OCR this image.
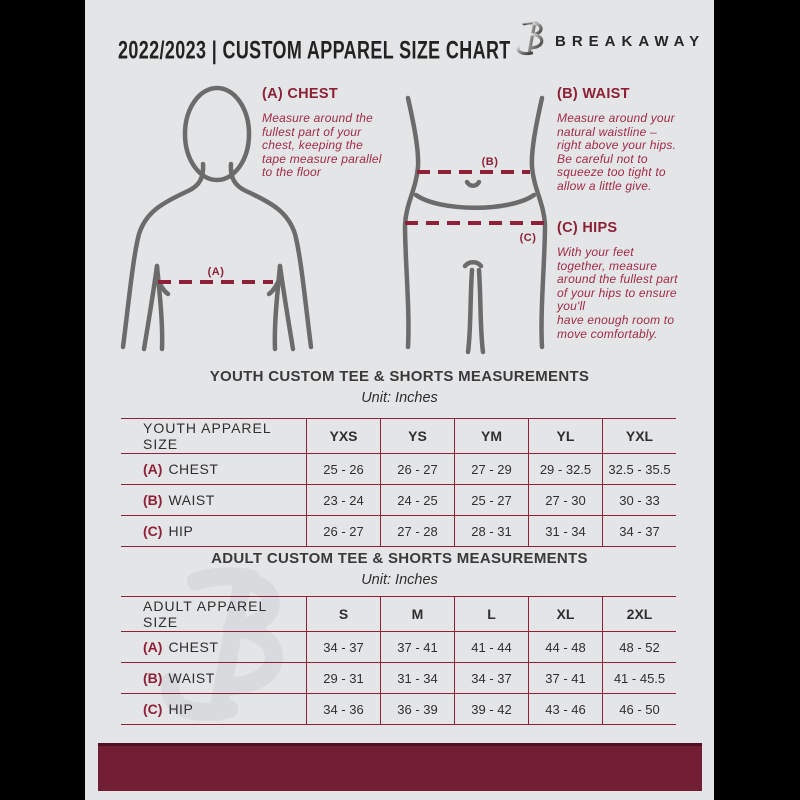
2022/2023 | CUSTOM APPAREL SIZE CHART	BREAKAWAY
(A)
(A) CHEST
Measure around the
fullest part of your
chest, keeping the
tape measure parallel
to the floor
(B)
(C)
(B) WAIST
Measure around your
natural waistline –
right above your hips.
Be careful not to
squeeze too tight to
allow a little give.
(C) HIPS
With your feet
together, measure
around the fullest part
of your hips to ensure
you'll
have enough room to
move comfortably.
YOUTH CUSTOM TEE & SHORTS MEASUREMENTS
Unit: Inches
YOUTH APPAREL SIZE	YXS	YS	YM	YL	YXL
(A) CHEST	25 - 26	26 - 27	27 - 29	29 - 32.5	32.5 - 35.5
(B) WAIST	23 - 24	24 - 25	25 - 27	27 - 30	30 - 33
(C) HIP	26 - 27	27 - 28	28 - 31	31 - 34	34 - 37
ADULT CUSTOM TEE & SHORTS MEASUREMENTS
Unit: Inches
ADULT APPAREL SIZE	S	M	L	XL	2XL
(A) CHEST	34 - 37	37 - 41	41 - 44	44 - 48	48 - 52
(B) WAIST	29 - 31	31 - 34	34 - 37	37 - 41	41 - 45.5
(C) HIP	34 - 36	36 - 39	39 - 42	43 - 46	46 - 50
